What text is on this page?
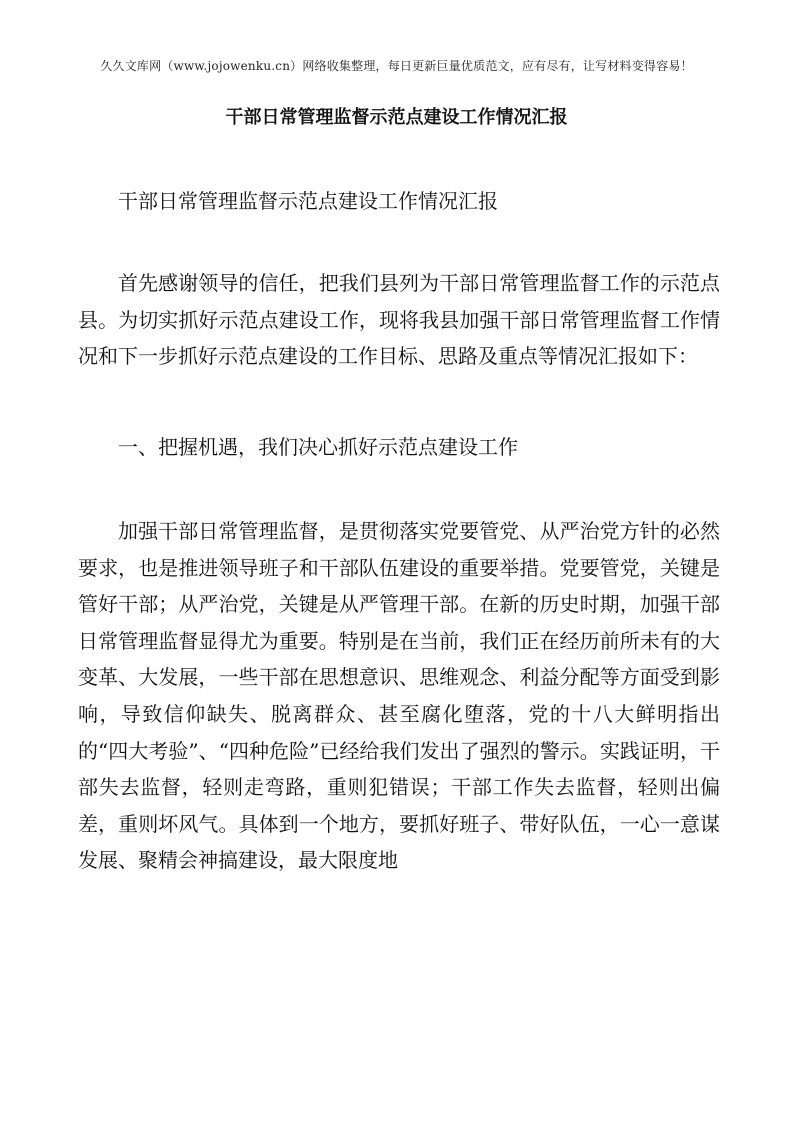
久久文库网（www.jojowenku.cn）网络收集整理，每日更新巨量优质范文，应有尽有，让写材料变得容易！
干部日常管理监督示范点建设工作情况汇报

干部日常管理监督示范点建设工作情况汇报

首先感谢领导的信任，把我们县列为干部日常管理监督工作的示范点县。为切实抓好示范点建设工作，现将我县加强干部日常管理监督工作情况和下一步抓好示范点建设的工作目标、思路及重点等情况汇报如下：

一、把握机遇，我们决心抓好示范点建设工作

加强干部日常管理监督，是贯彻落实党要管党、从严治党方针的必然要求，也是推进领导班子和干部队伍建设的重要举措。党要管党，关键是管好干部；从严治党，关键是从严管理干部。在新的历史时期，加强干部日常管理监督显得尤为重要。特别是在当前，我们正在经历前所未有的大变革、大发展，一些干部在思想意识、思维观念、利益分配等方面受到影响，导致信仰缺失、脱离群众、甚至腐化堕落，党的十八大鲜明指出的“四大考验”、“四种危险”已经给我们发出了强烈的警示。实践证明，干部失去监督，轻则走弯路，重则犯错误；干部工作失去监督，轻则出偏差，重则坏风气。具体到一个地方，要抓好班子、带好队伍，一心一意谋发展、聚精会神搞建设，最大限度地
